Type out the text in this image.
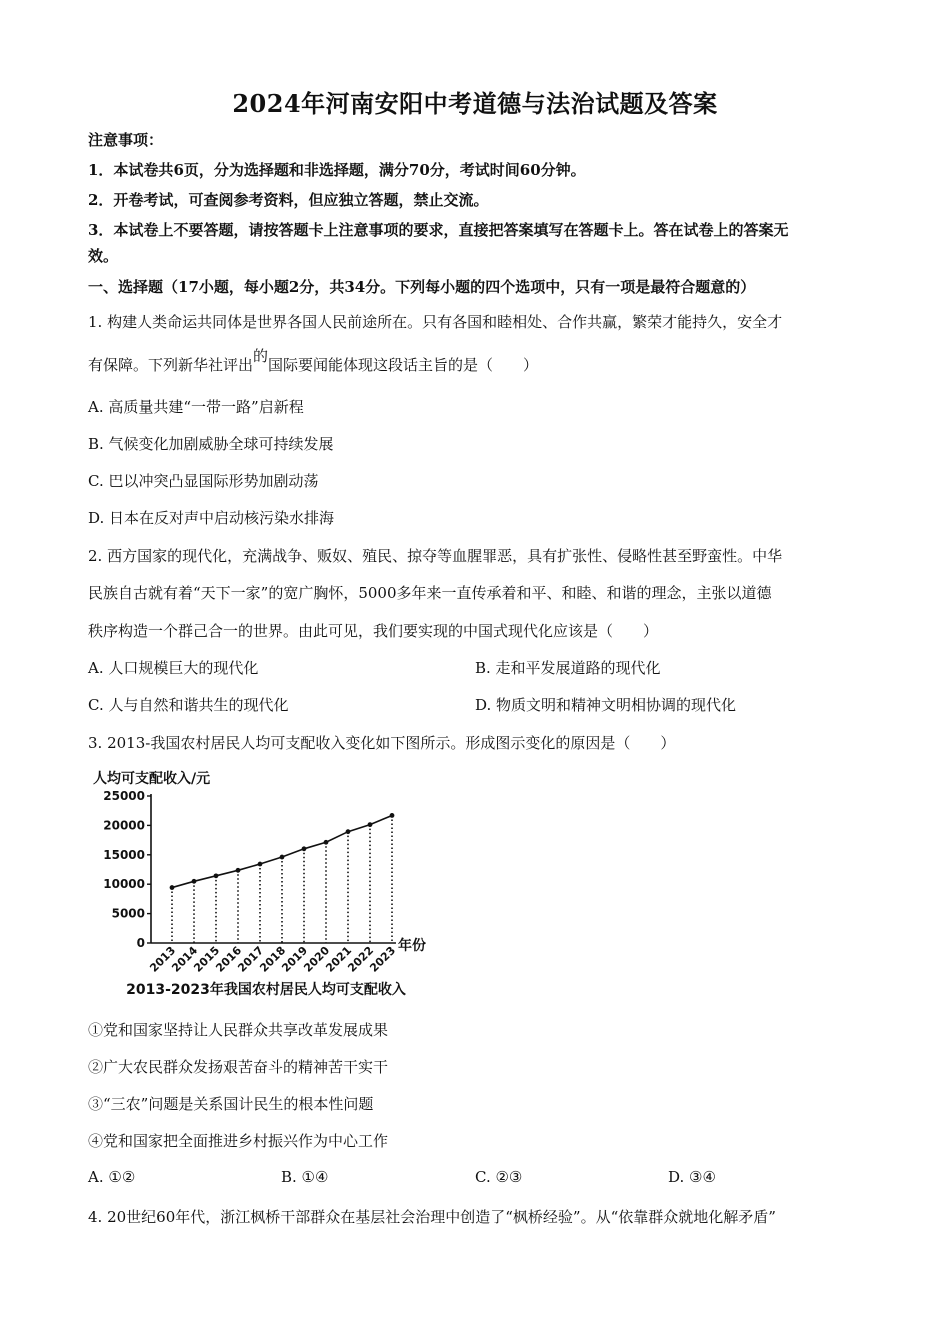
2024年河南安阳中考道德与法治试题及答案
注意事项：
1．本试卷共6页，分为选择题和非选择题，满分70分，考试时间60分钟。
2．开卷考试，可查阅参考资料，但应独立答题，禁止交流。
3．本试卷上不要答题，请按答题卡上注意事项的要求，直接把答案填写在答题卡上。答在试卷上的答案无
效。
一、选择题（17小题，每小题2分，共34分。下列每小题的四个选项中，只有一项是最符合题意的）
1. 构建人类命运共同体是世界各国人民前途所在。只有各国和睦相处、合作共赢，繁荣才能持久，安全才
有保障。下列新华社评出的国际要闻能体现这段话主旨的是（　　）
A. 高质量共建“一带一路”启新程
B. 气候变化加剧威胁全球可持续发展
C. 巴以冲突凸显国际形势加剧动荡
D. 日本在反对声中启动核污染水排海
2. 西方国家的现代化，充满战争、贩奴、殖民、掠夺等血腥罪恶，具有扩张性、侵略性甚至野蛮性。中华
民族自古就有着“天下一家”的宽广胸怀，5000多年来一直传承着和平、和睦、和谐的理念，主张以道德
秩序构造一个群己合一的世界。由此可见，我们要实现的中国式现代化应该是（　　）
A. 人口规模巨大的现代化	B. 走和平发展道路的现代化
C. 人与自然和谐共生的现代化	D. 物质文明和精神文明相协调的现代化
3. 2013-我国农村居民人均可支配收入变化如下图所示。形成图示变化的原因是（　　）
人均可支配收入/元
0
5000
10000
15000
20000
25000
2013
2014
2015
2016
2017
2018
2019
2020
2021
2022
2023 年份
2013-2023年我国农村居民人均可支配收入
①党和国家坚持让人民群众共享改革发展成果
②广大农民群众发扬艰苦奋斗的精神苦干实干
③“三农”问题是关系国计民生的根本性问题
④党和国家把全面推进乡村振兴作为中心工作
A. ①②	B. ①④	C. ②③	D. ③④
4. 20世纪60年代，浙江枫桥干部群众在基层社会治理中创造了“枫桥经验”。从“依靠群众就地化解矛盾”
